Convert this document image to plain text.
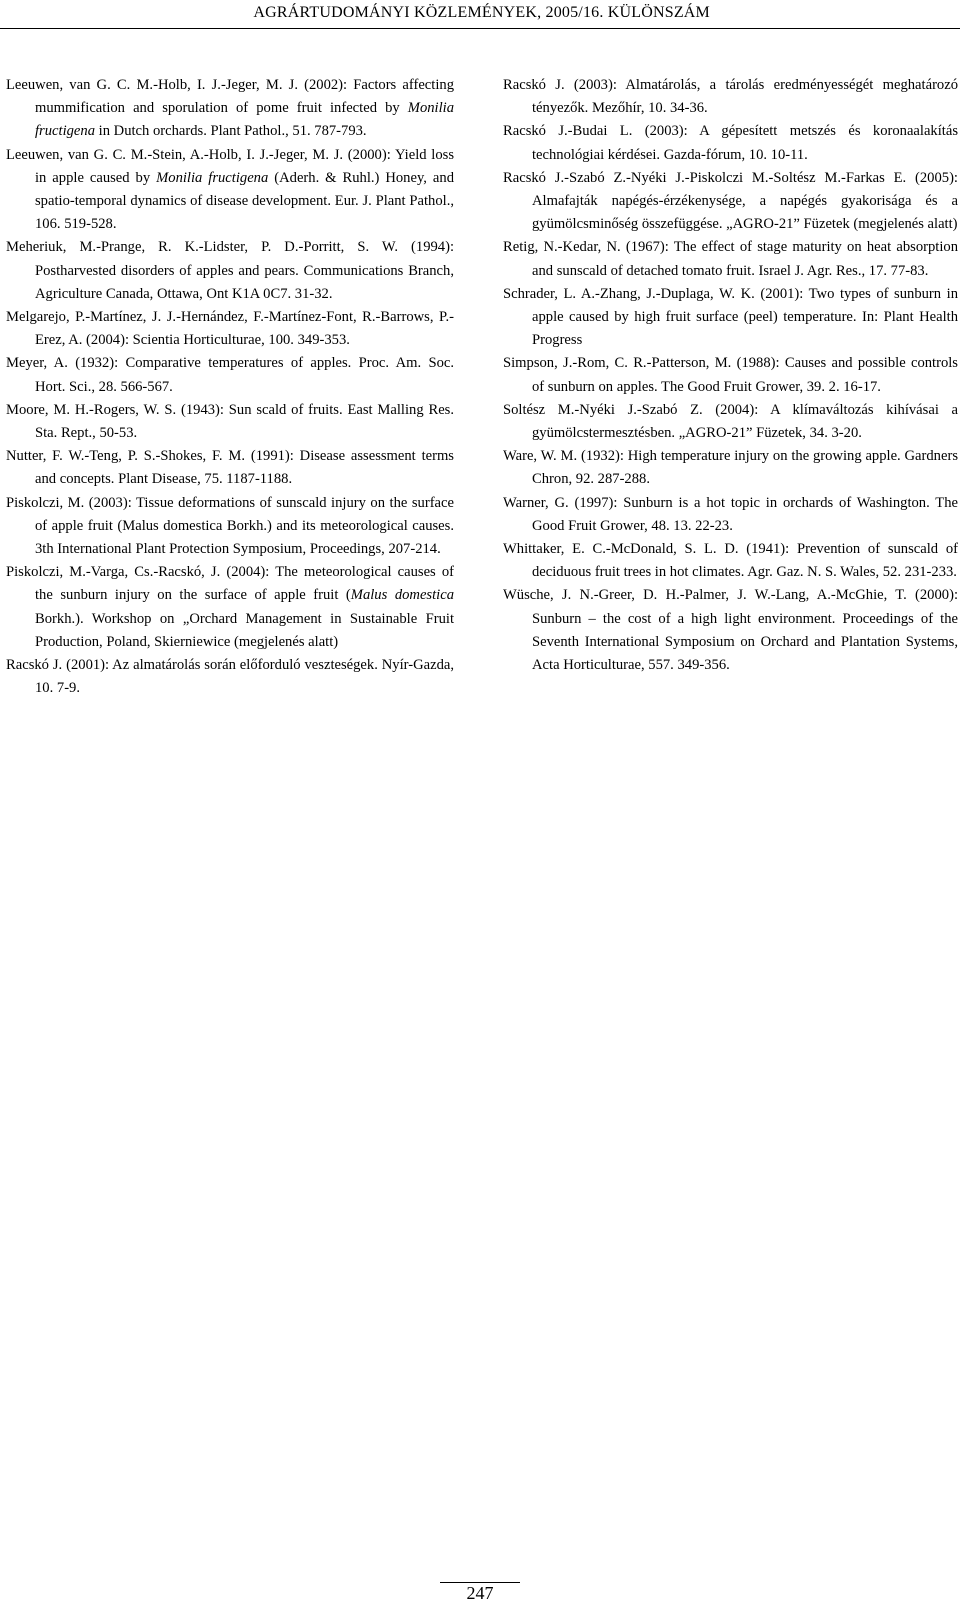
AGRÁRTUDOMÁNYI KÖZLEMÉNYEK, 2005/16. KÜLÖNSZÁM

Leeuwen, van G. C. M.-Holb, I. J.-Jeger, M. J. (2002): Factors affecting mummification and sporulation of pome fruit infected by Monilia fructigena in Dutch orchards. Plant Pathol., 51. 787-793.

Leeuwen, van G. C. M.-Stein, A.-Holb, I. J.-Jeger, M. J. (2000): Yield loss in apple caused by Monilia fructigena (Aderh. & Ruhl.) Honey, and spatio-temporal dynamics of disease development. Eur. J. Plant Pathol., 106. 519-528.

Meheriuk, M.-Prange, R. K.-Lidster, P. D.-Porritt, S. W. (1994): Postharvested disorders of apples and pears. Communications Branch, Agriculture Canada, Ottawa, Ont K1A 0C7. 31-32.

Melgarejo, P.-Martínez, J. J.-Hernández, F.-Martínez-Font, R.-Barrows, P.-Erez, A. (2004): Scientia Horticulturae, 100. 349-353.

Meyer, A. (1932): Comparative temperatures of apples. Proc. Am. Soc. Hort. Sci., 28. 566-567.

Moore, M. H.-Rogers, W. S. (1943): Sun scald of fruits. East Malling Res. Sta. Rept., 50-53.

Nutter, F. W.-Teng, P. S.-Shokes, F. M. (1991): Disease assessment terms and concepts. Plant Disease, 75. 1187-1188.

Piskolczi, M. (2003): Tissue deformations of sunscald injury on the surface of apple fruit (Malus domestica Borkh.) and its meteorological causes. 3th International Plant Protection Symposium, Proceedings, 207-214.

Piskolczi, M.-Varga, Cs.-Racskó, J. (2004): The meteorological causes of the sunburn injury on the surface of apple fruit (Malus domestica Borkh.). Workshop on „Orchard Management in Sustainable Fruit Production, Poland, Skierniewice (megjelenés alatt)

Racskó J. (2001): Az almatárolás során előforduló veszteségek. Nyír-Gazda, 10. 7-9.

Racskó J. (2003): Almatárolás, a tárolás eredményességét meghatározó tényezők. Mezőhír, 10. 34-36.

Racskó J.-Budai L. (2003): A gépesített metszés és koronaalakítás technológiai kérdései. Gazda-fórum, 10. 10-11.

Racskó J.-Szabó Z.-Nyéki J.-Piskolczi M.-Soltész M.-Farkas E. (2005): Almafajták napégés-érzékenysége, a napégés gyakorisága és a gyümölcsminőség összefüggése. „AGRO-21” Füzetek (megjelenés alatt)

Retig, N.-Kedar, N. (1967): The effect of stage maturity on heat absorption and sunscald of detached tomato fruit. Israel J. Agr. Res., 17. 77-83.

Schrader, L. A.-Zhang, J.-Duplaga, W. K. (2001): Two types of sunburn in apple caused by high fruit surface (peel) temperature. In: Plant Health Progress

Simpson, J.-Rom, C. R.-Patterson, M. (1988): Causes and possible controls of sunburn on apples. The Good Fruit Grower, 39. 2. 16-17.

Soltész M.-Nyéki J.-Szabó Z. (2004): A klímaváltozás kihívásai a gyümölcstermesztésben. „AGRO-21” Füzetek, 34. 3-20.

Ware, W. M. (1932): High temperature injury on the growing apple. Gardners Chron, 92. 287-288.

Warner, G. (1997): Sunburn is a hot topic in orchards of Washington. The Good Fruit Grower, 48. 13. 22-23.

Whittaker, E. C.-McDonald, S. L. D. (1941): Prevention of sunscald of deciduous fruit trees in hot climates. Agr. Gaz. N. S. Wales, 52. 231-233.

Wüsche, J. N.-Greer, D. H.-Palmer, J. W.-Lang, A.-McGhie, T. (2000): Sunburn – the cost of a high light environment. Proceedings of the Seventh International Symposium on Orchard and Plantation Systems, Acta Horticulturae, 557. 349-356.

247
